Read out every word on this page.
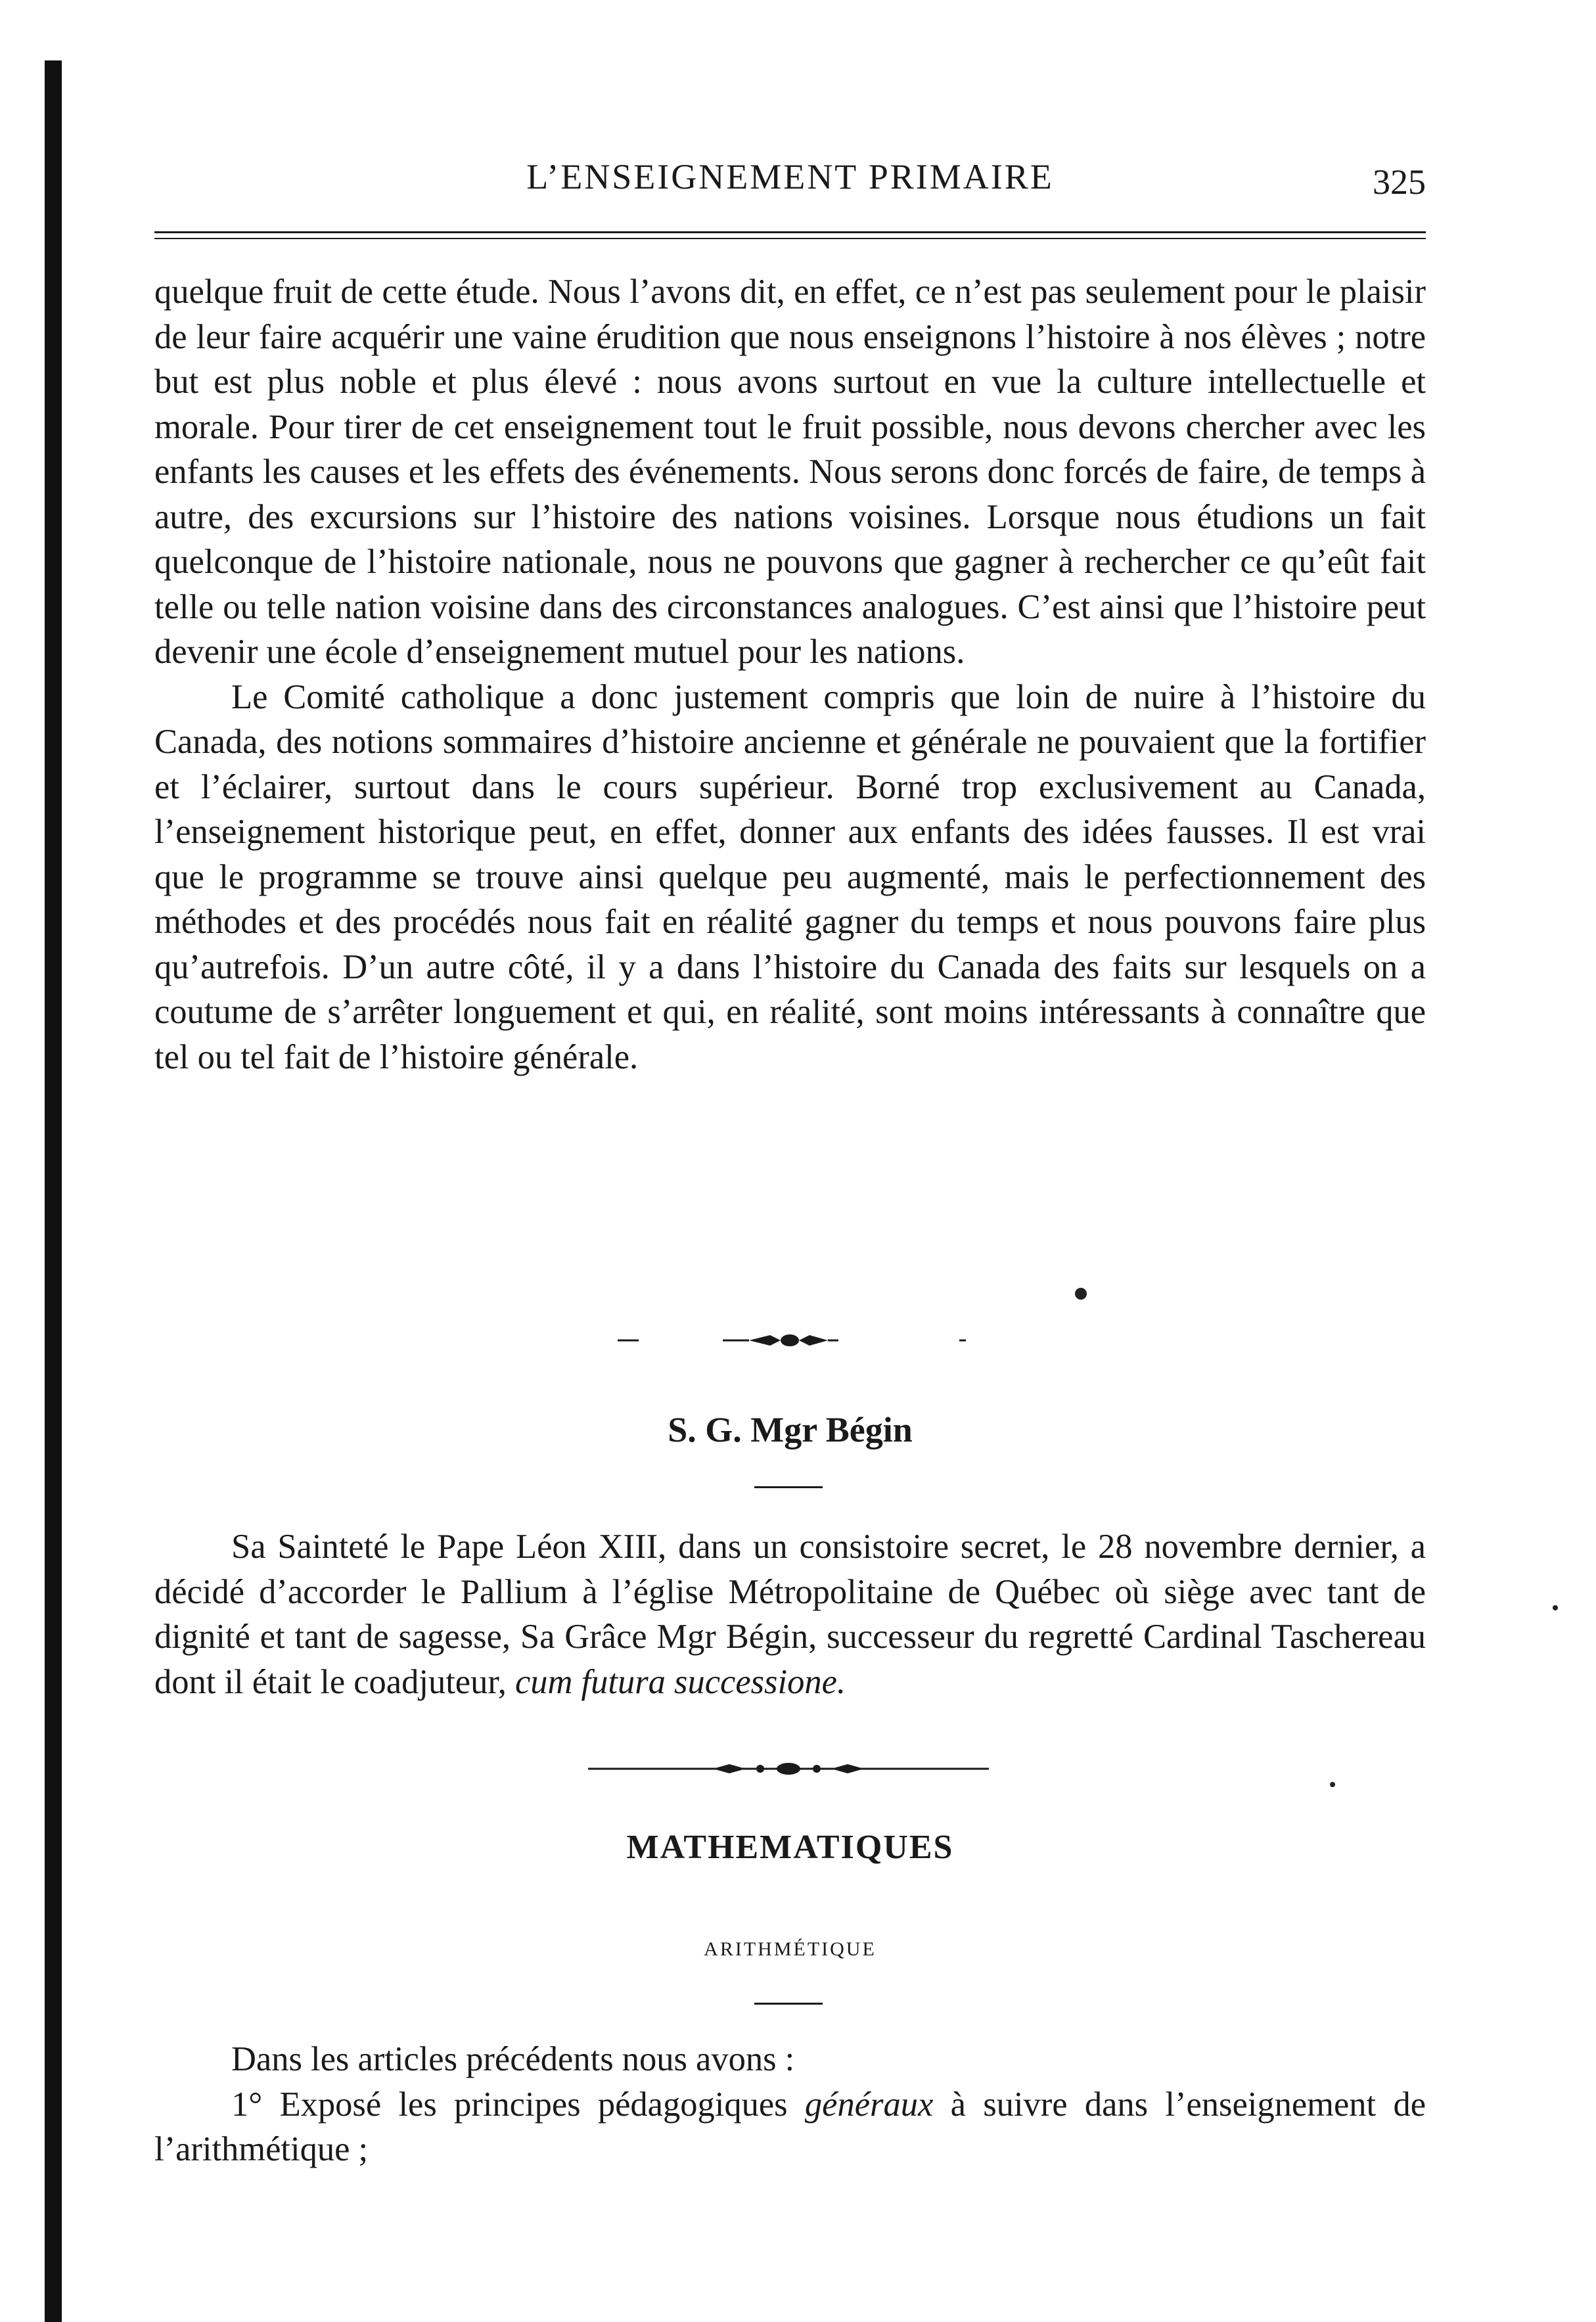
L’ENSEIGNEMENT PRIMAIRE	325

quelque fruit de cette étude. Nous l’avons dit, en effet, ce n’est pas seulement pour le plaisir de leur faire acquérir une vaine érudition que nous enseignons l’histoire à nos élèves ; notre but est plus noble et plus élevé : nous avons surtout en vue la culture intellectuelle et morale. Pour tirer de cet enseignement tout le fruit possible, nous devons chercher avec les enfants les causes et les effets des événements. Nous serons donc forcés de faire, de temps à autre, des excursions sur l’histoire des nations voisines. Lorsque nous étudions un fait quelconque de l’histoire nationale, nous ne pouvons que gagner à rechercher ce qu’eût fait telle ou telle nation voisine dans des circonstances analogues. C’est ainsi que l’histoire peut devenir une école d’enseignement mutuel pour les nations.

Le Comité catholique a donc justement compris que loin de nuire à l’histoire du Canada, des notions sommaires d’histoire ancienne et générale ne pouvaient que la fortifier et l’éclairer, surtout dans le cours supérieur. Borné trop exclusivement au Canada, l’enseignement historique peut, en effet, donner aux enfants des idées fausses. Il est vrai que le programme se trouve ainsi quelque peu augmenté, mais le perfectionnement des méthodes et des procédés nous fait en réalité gagner du temps et nous pouvons faire plus qu’autrefois. D’un autre côté, il y a dans l’histoire du Canada des faits sur lesquels on a coutume de s’arrêter longuement et qui, en réalité, sont moins intéressants à connaître que tel ou tel fait de l’histoire générale.

S. G. Mgr Bégin

Sa Sainteté le Pape Léon XIII, dans un consistoire secret, le 28 novembre dernier, a décidé d’accorder le Pallium à l’église Métropolitaine de Québec où siège avec tant de dignité et tant de sagesse, Sa Grâce Mgr Bégin, successeur du regretté Cardinal Taschereau dont il était le coadjuteur, cum futura successione.

MATHEMATIQUES
ARITHMÉTIQUE

Dans les articles précédents nous avons :

1° Exposé les principes pédagogiques généraux à suivre dans l’enseignement de l’arithmétique ;
